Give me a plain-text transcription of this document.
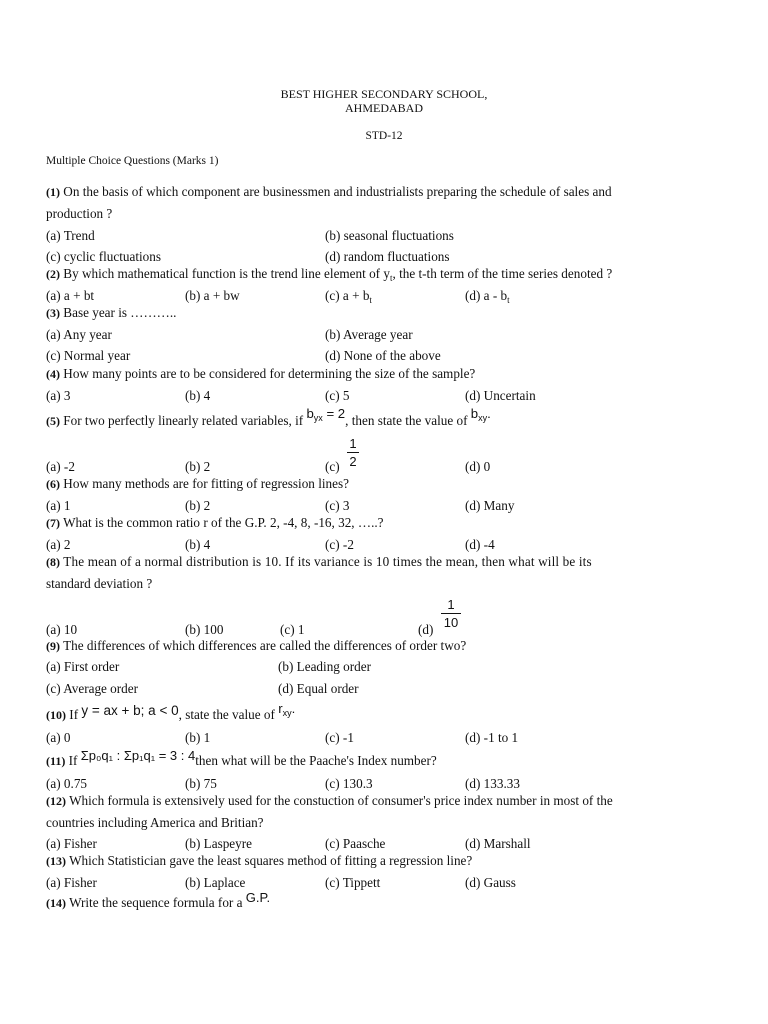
BEST HIGHER SECONDARY SCHOOL,
AHMEDABAD
STD-12
Multiple Choice Questions (Marks 1)
(1) On the basis of which component are businessmen and industrialists preparing the schedule of sales and
production ?
(a) Trend	(b) seasonal fluctuations
(c) cyclic fluctuations	(d) random fluctuations
(2) By which mathematical function is the trend line element of $y_t$, the t-th term of the time series denoted ?
(a) a + bt	(b) a + bw	(c) $a + b_t$	(d) a - $b_t$
(3) Base year is ………..
(a) Any year	(b) Average year
(c) Normal year	(d) None of the above
(4) How many points are to be considered for determining the size of the sample?
(a) 3	(b) 4	(c) 5	(d) Uncertain
(5) For two perfectly linearly related variables, if $b_{yx} = 2$, then state the value of $b_{xy}$.
(a) -2	(b) 2	(c)
1
2	(d) 0
(6) How many methods are for fitting of regression lines?
(a) 1	(b) 2	(c) 3	(d) Many
(7) What is the common ratio r of the G.P. 2, -4, 8, -16, 32, …..?
(a) 2	(b) 4	(c) -2	(d) -4
(8) The mean of a normal distribution is 10. If its variance is 10 times the mean, then what will be its
standard deviation ?
(a) 10	(b) 100	(c) 1	(d)
1
10
(9) The differences of which differences are called the differences of order two?
(a) First order	(b) Leading order
(c) Average order	(d) Equal order
(10) If y = ax + b; a < 0, state the value of $r_{xy}$.
(a) 0	(b) 1	(c) -1	(d) -1 to 1
(11) If Σp₀q₁ : Σp₁q₁ = 3 : 4then what will be the Paache's Index number?
(a) 0.75	(b) 75	(c) 130.3	(d) 133.33
(12) Which formula is extensively used for the constuction of consumer's price index number in most of the
countries including America and Britian?
(a) Fisher	(b) Laspeyre	(c) Paasche	(d) Marshall
(13) Which Statistician gave the least squares method of fitting a regression line?
(a) Fisher	(b) Laplace	(c) Tippett	(d) Gauss
(14) Write the sequence formula for a G.P.
